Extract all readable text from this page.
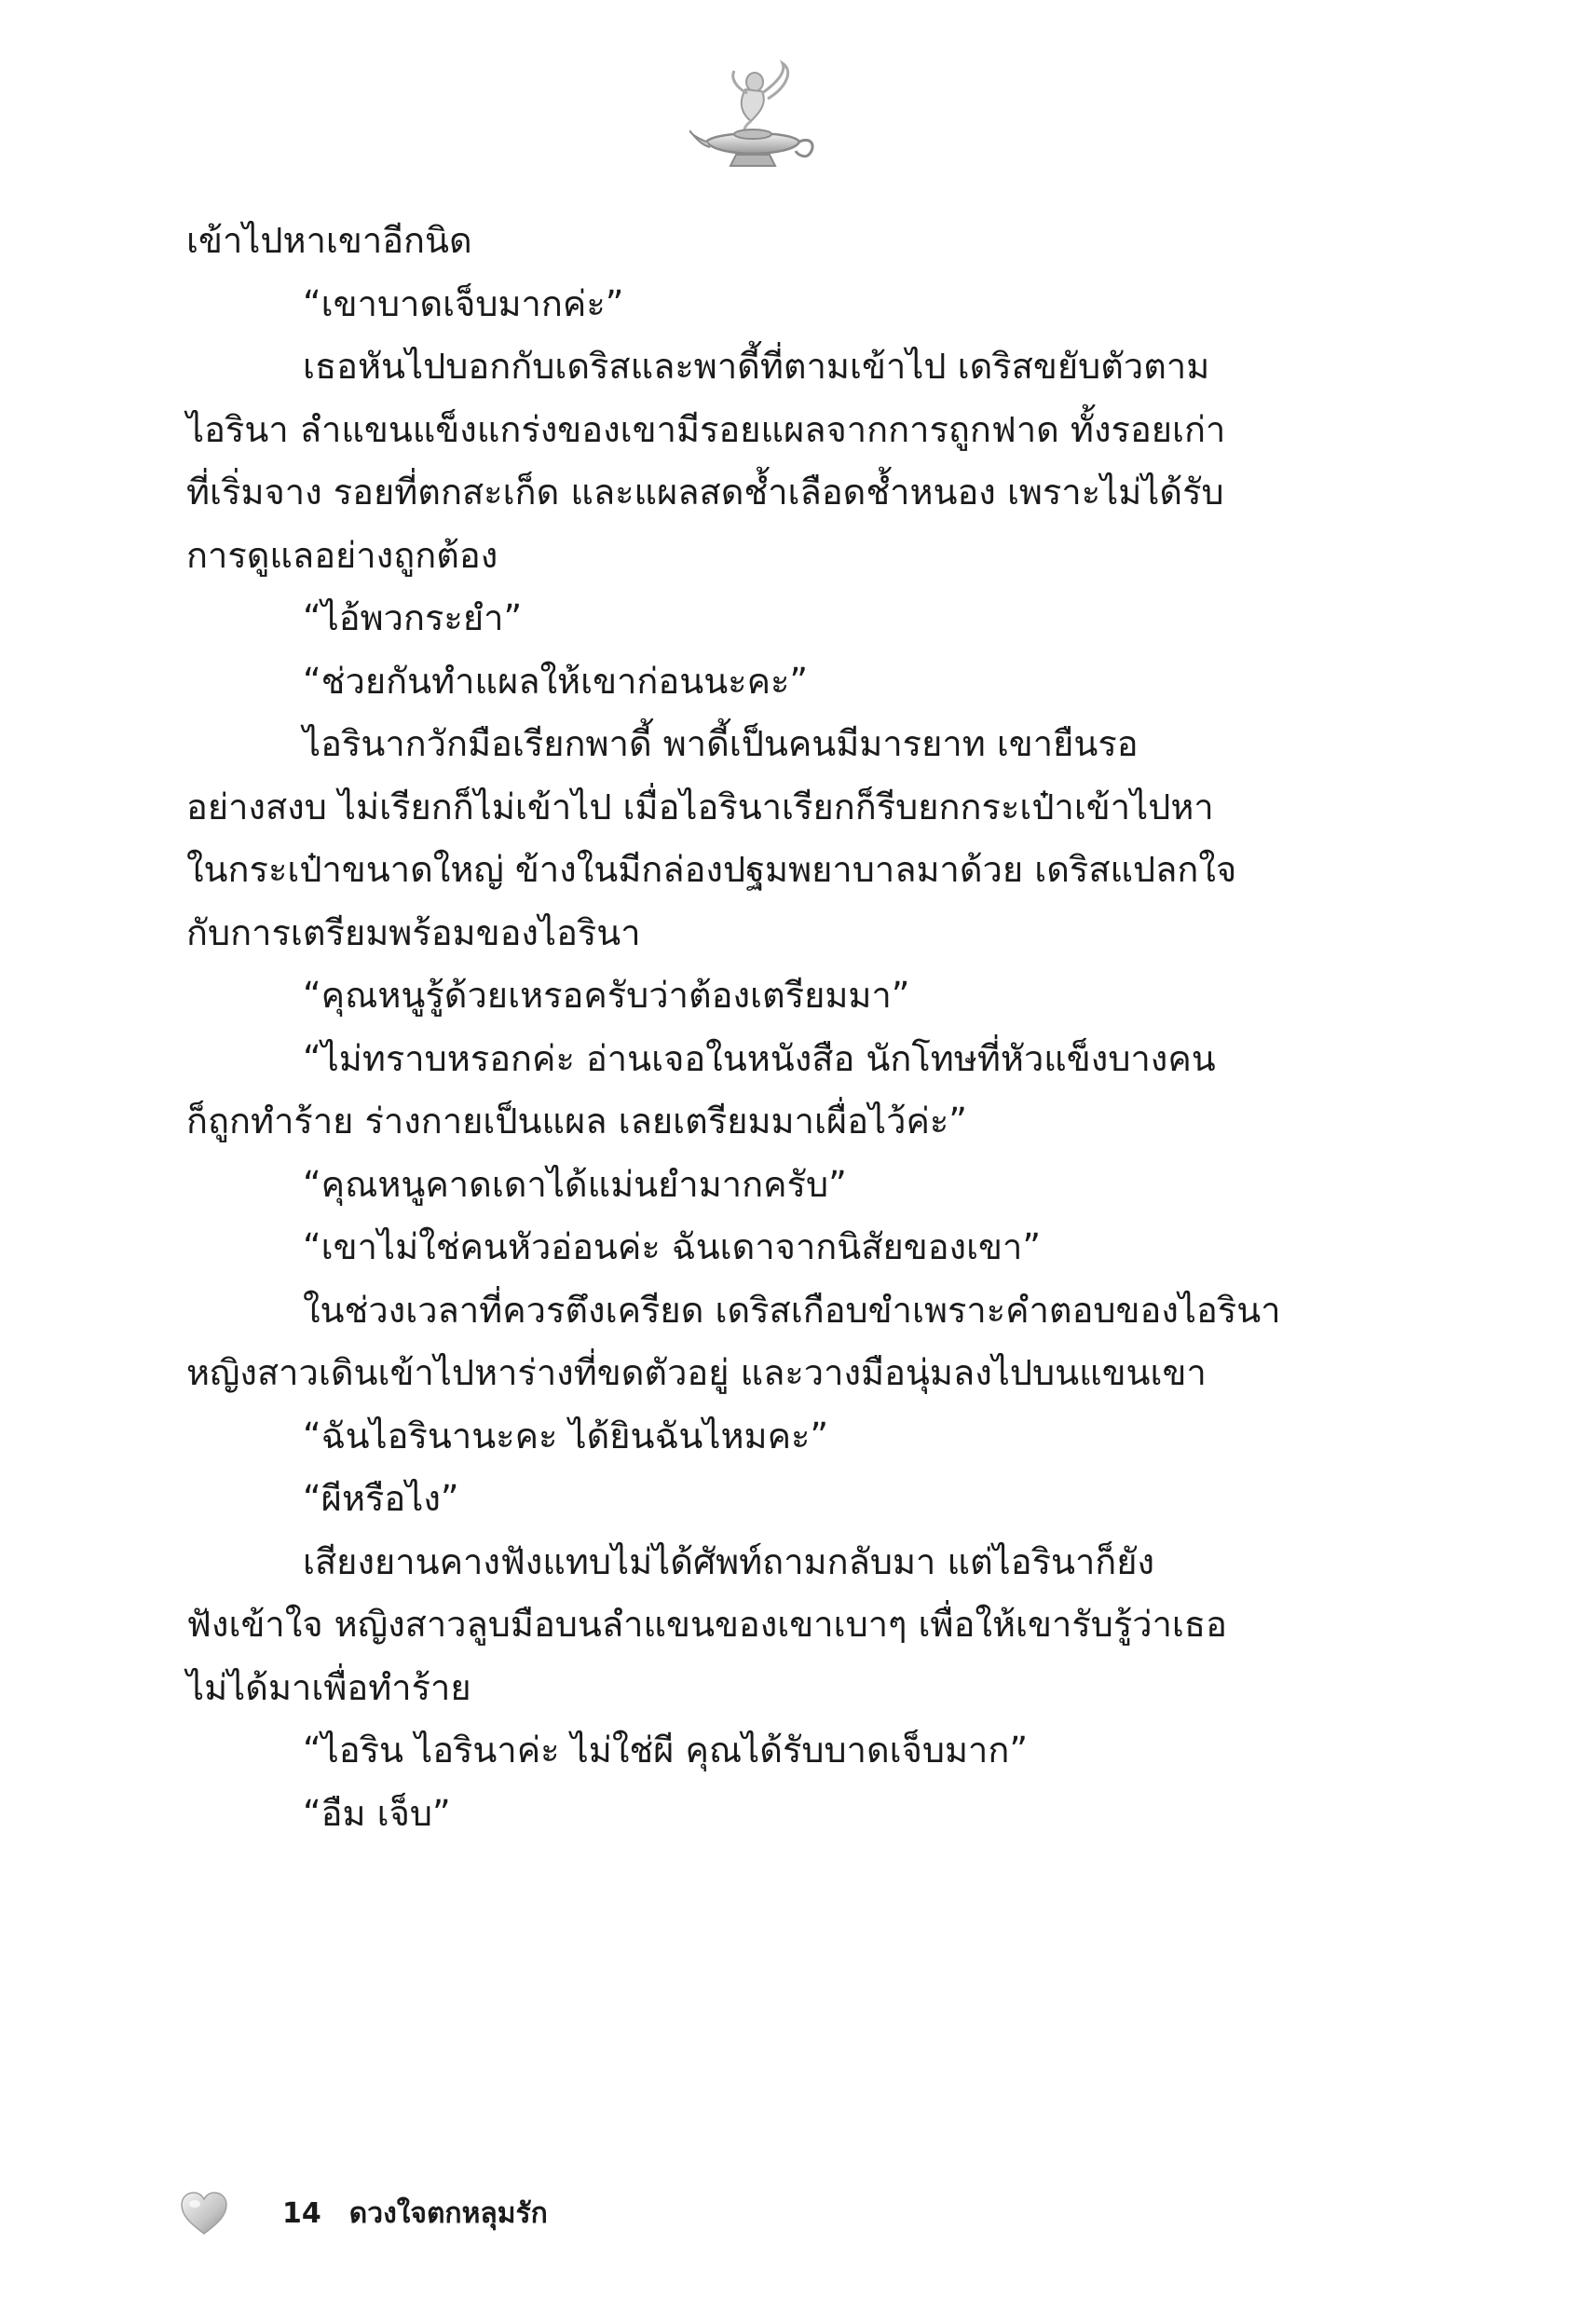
เข้าไปหาเขาอีกนิด

“เขาบาดเจ็บมากค่ะ”

เธอหันไปบอกกับเดริสและพาดี้ที่ตามเข้าไป เดริสขยับตัวตาม

ไอรินา ลำแขนแข็งแกร่งของเขามีรอยแผลจากการถูกฟาด ทั้งรอยเก่า

ที่เริ่มจาง รอยที่ตกสะเก็ด และแผลสดช้ำเลือดช้ำหนอง เพราะไม่ได้รับ

การดูแลอย่างถูกต้อง

“ไอ้พวกระยำ”

“ช่วยกันทำแผลให้เขาก่อนนะคะ”

ไอรินากวักมือเรียกพาดี้ พาดี้เป็นคนมีมารยาท เขายืนรอ

อย่างสงบ ไม่เรียกก็ไม่เข้าไป เมื่อไอรินาเรียกก็รีบยกกระเป๋าเข้าไปหา

ในกระเป๋าขนาดใหญ่ ข้างในมีกล่องปฐมพยาบาลมาด้วย เดริสแปลกใจ

กับการเตรียมพร้อมของไอรินา

“คุณหนูรู้ด้วยเหรอครับว่าต้องเตรียมมา”

“ไม่ทราบหรอกค่ะ อ่านเจอในหนังสือ นักโทษที่หัวแข็งบางคน

ก็ถูกทำร้าย ร่างกายเป็นแผล เลยเตรียมมาเผื่อไว้ค่ะ”

“คุณหนูคาดเดาได้แม่นยำมากครับ”

“เขาไม่ใช่คนหัวอ่อนค่ะ ฉันเดาจากนิสัยของเขา”

ในช่วงเวลาที่ควรตึงเครียด เดริสเกือบขำเพราะคำตอบของไอรินา

หญิงสาวเดินเข้าไปหาร่างที่ขดตัวอยู่ และวางมือนุ่มลงไปบนแขนเขา

“ฉันไอรินานะคะ ได้ยินฉันไหมคะ”

“ผีหรือไง”

เสียงยานคางฟังแทบไม่ได้ศัพท์ถามกลับมา แต่ไอรินาก็ยัง

ฟังเข้าใจ หญิงสาวลูบมือบนลำแขนของเขาเบาๆ เพื่อให้เขารับรู้ว่าเธอ

ไม่ได้มาเพื่อทำร้าย

“ไอริน ไอรินาค่ะ ไม่ใช่ผี คุณได้รับบาดเจ็บมาก”

“อืม เจ็บ”

14 ดวงใจตกหลุมรัก
